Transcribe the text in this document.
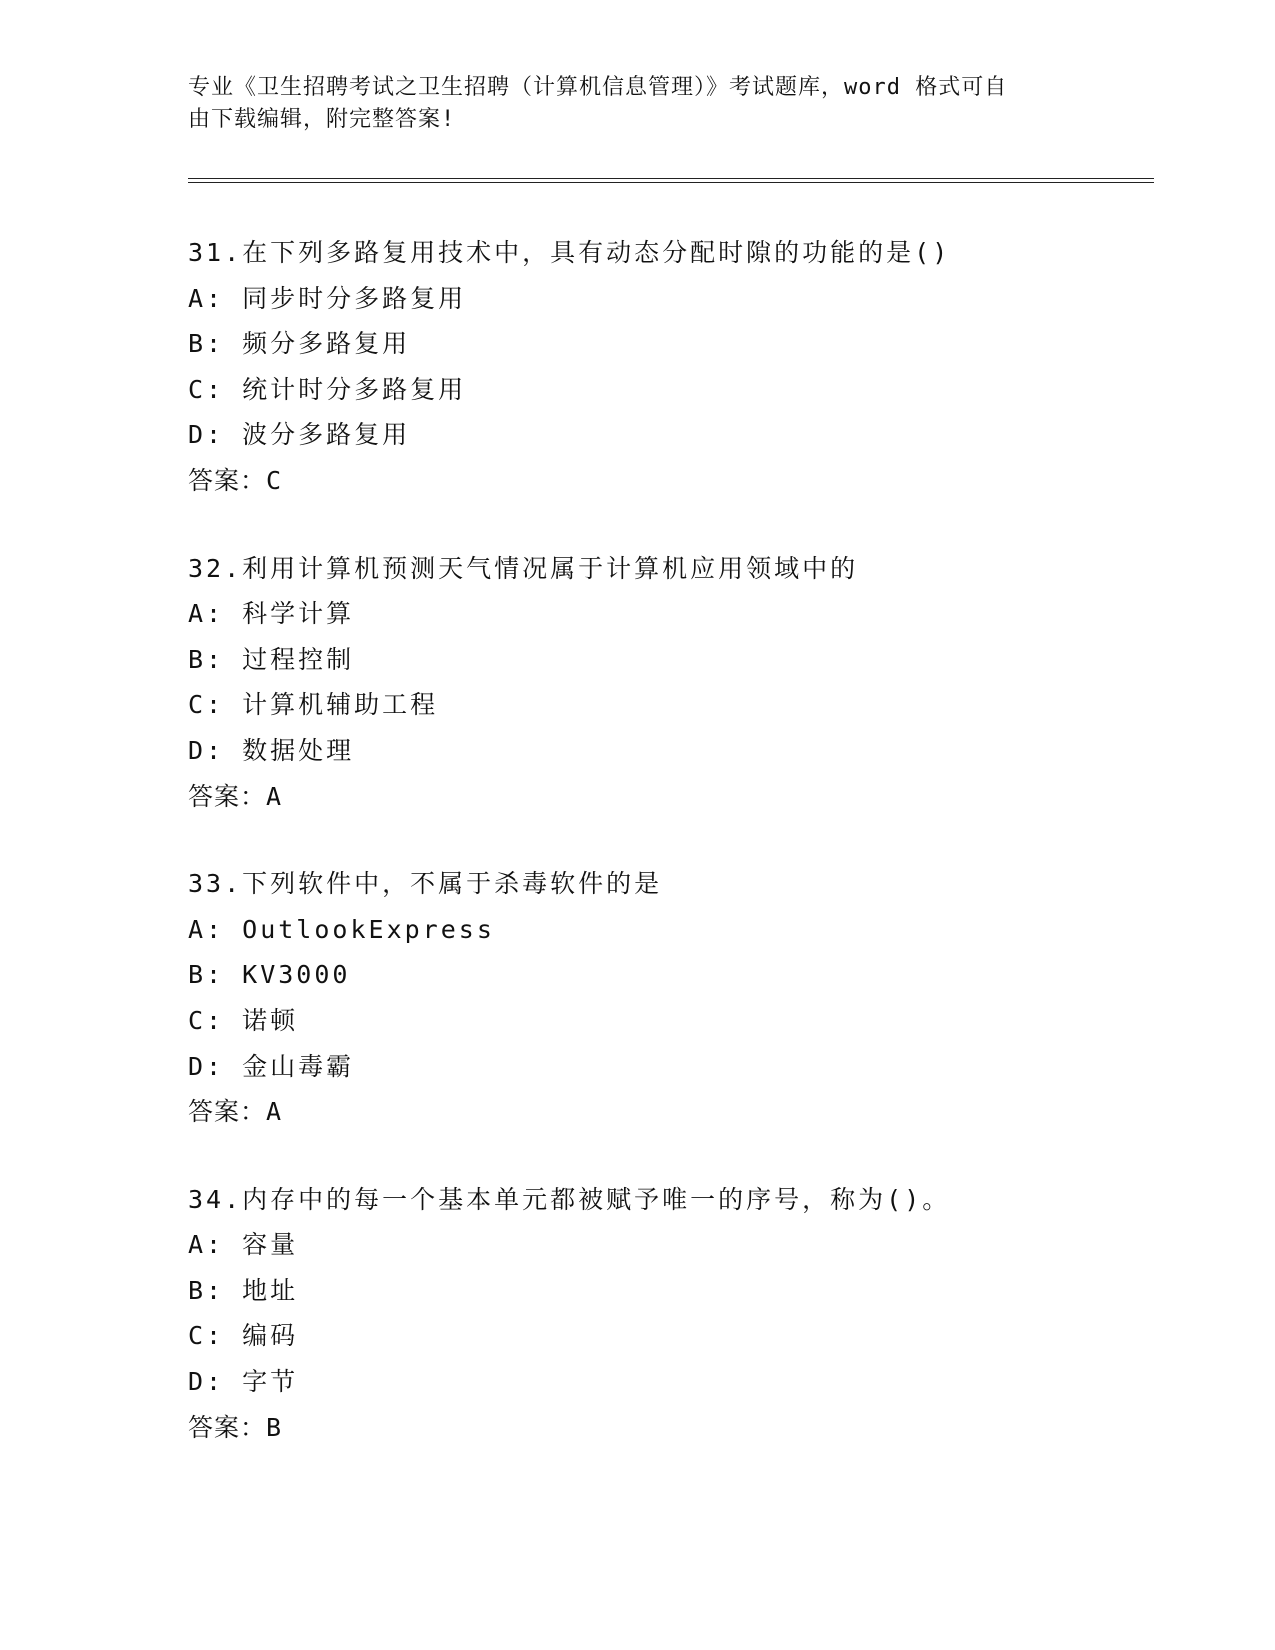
专业《卫生招聘考试之卫生招聘（计算机信息管理）》考试题库，word 格式可自
由下载编辑，附完整答案!
31.在下列多路复用技术中，具有动态分配时隙的功能的是()
A: 同步时分多路复用
B: 频分多路复用
C: 统计时分多路复用
D: 波分多路复用
答案：C
32.利用计算机预测天气情况属于计算机应用领域中的
A: 科学计算
B: 过程控制
C: 计算机辅助工程
D: 数据处理
答案：A
33.下列软件中，不属于杀毒软件的是
A: OutlookExpress
B: KV3000
C: 诺顿
D: 金山毒霸
答案：A
34.内存中的每一个基本单元都被赋予唯一的序号，称为()。
A: 容量
B: 地址
C: 编码
D: 字节
答案：B
